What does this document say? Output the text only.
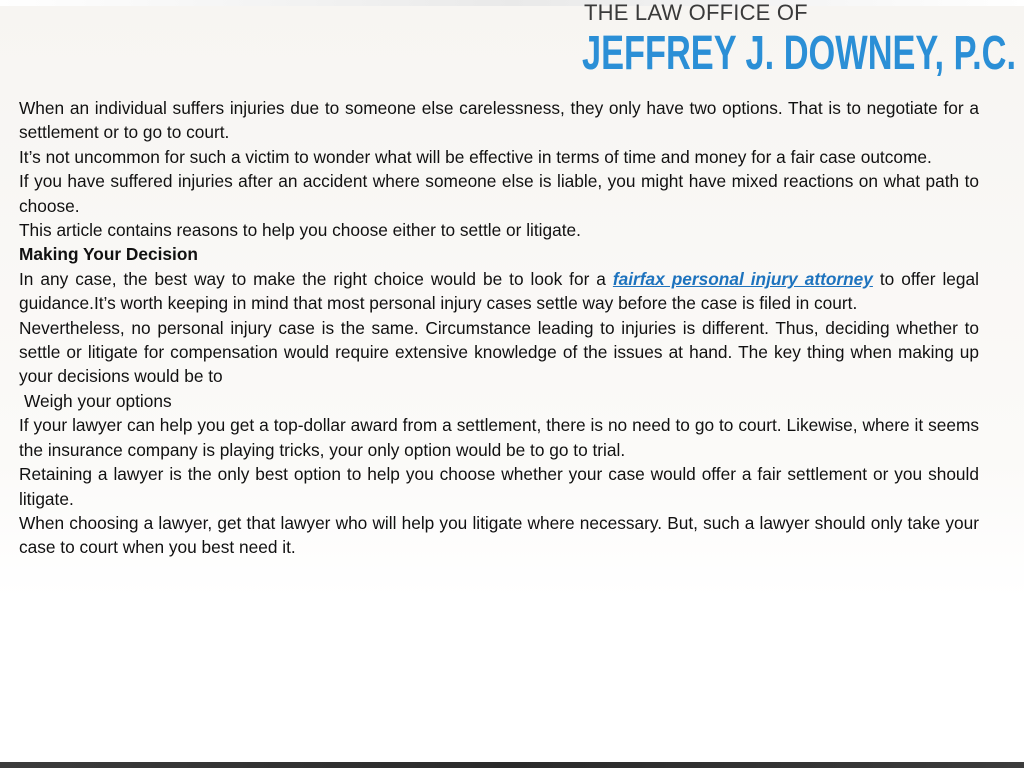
THE LAW OFFICE OF
JEFFREY J. DOWNEY, P.C.

When an individual suffers injuries due to someone else carelessness, they only have two options. That is to negotiate for a settlement or to go to court.

It’s not uncommon for such a victim to wonder what will be effective in terms of time and money for a fair case outcome.

If you have suffered injuries after an accident where someone else is liable, you might have mixed reactions on what path to choose.

This article contains reasons to help you choose either to settle or litigate.

Making Your Decision

In any case, the best way to make the right choice would be to look for a fairfax personal injury attorney to offer legal guidance.It’s worth keeping in mind that most personal injury cases settle way before the case is filed in court.

Nevertheless, no personal injury case is the same. Circumstance leading to injuries is different. Thus, deciding whether to settle or litigate for compensation would require extensive knowledge of the issues at hand. The key thing when making up your decisions would be to

Weigh your options

If your lawyer can help you get a top-dollar award from a settlement, there is no need to go to court. Likewise, where it seems the insurance company is playing tricks, your only option would be to go to trial.

Retaining a lawyer is the only best option to help you choose whether your case would offer a fair settlement or you should litigate.

When choosing a lawyer, get that lawyer who will help you litigate where necessary. But, such a lawyer should only take your case to court when you best need it.
